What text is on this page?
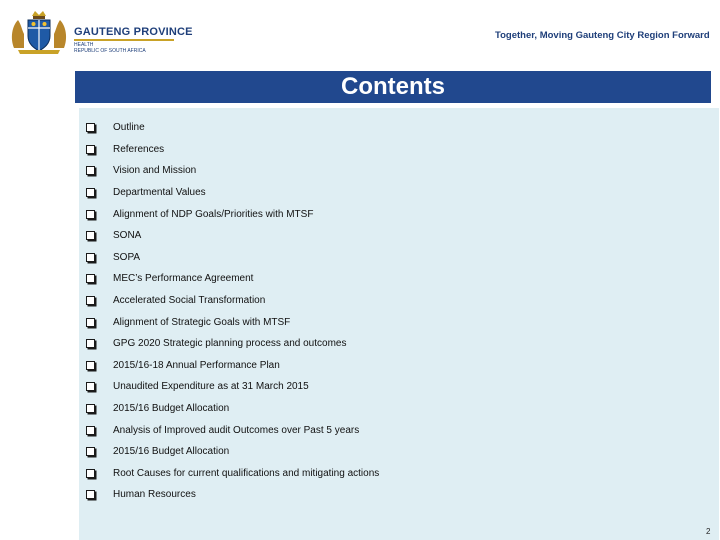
GAUTENG PROVINCE
HEALTH
REPUBLIC OF SOUTH AFRICA
Together, Moving Gauteng City Region Forward
Contents
Outline
References
Vision and Mission
Departmental Values
Alignment of NDP Goals/Priorities with MTSF
SONA
SOPA
MEC’s Performance Agreement
Accelerated Social Transformation
Alignment of Strategic Goals with MTSF
GPG 2020 Strategic planning process and outcomes
2015/16-18 Annual Performance Plan
Unaudited Expenditure as at 31 March 2015
2015/16 Budget Allocation
Analysis of Improved audit Outcomes over Past 5 years
2015/16 Budget Allocation
Root Causes for current qualifications and mitigating actions
Human Resources
2
